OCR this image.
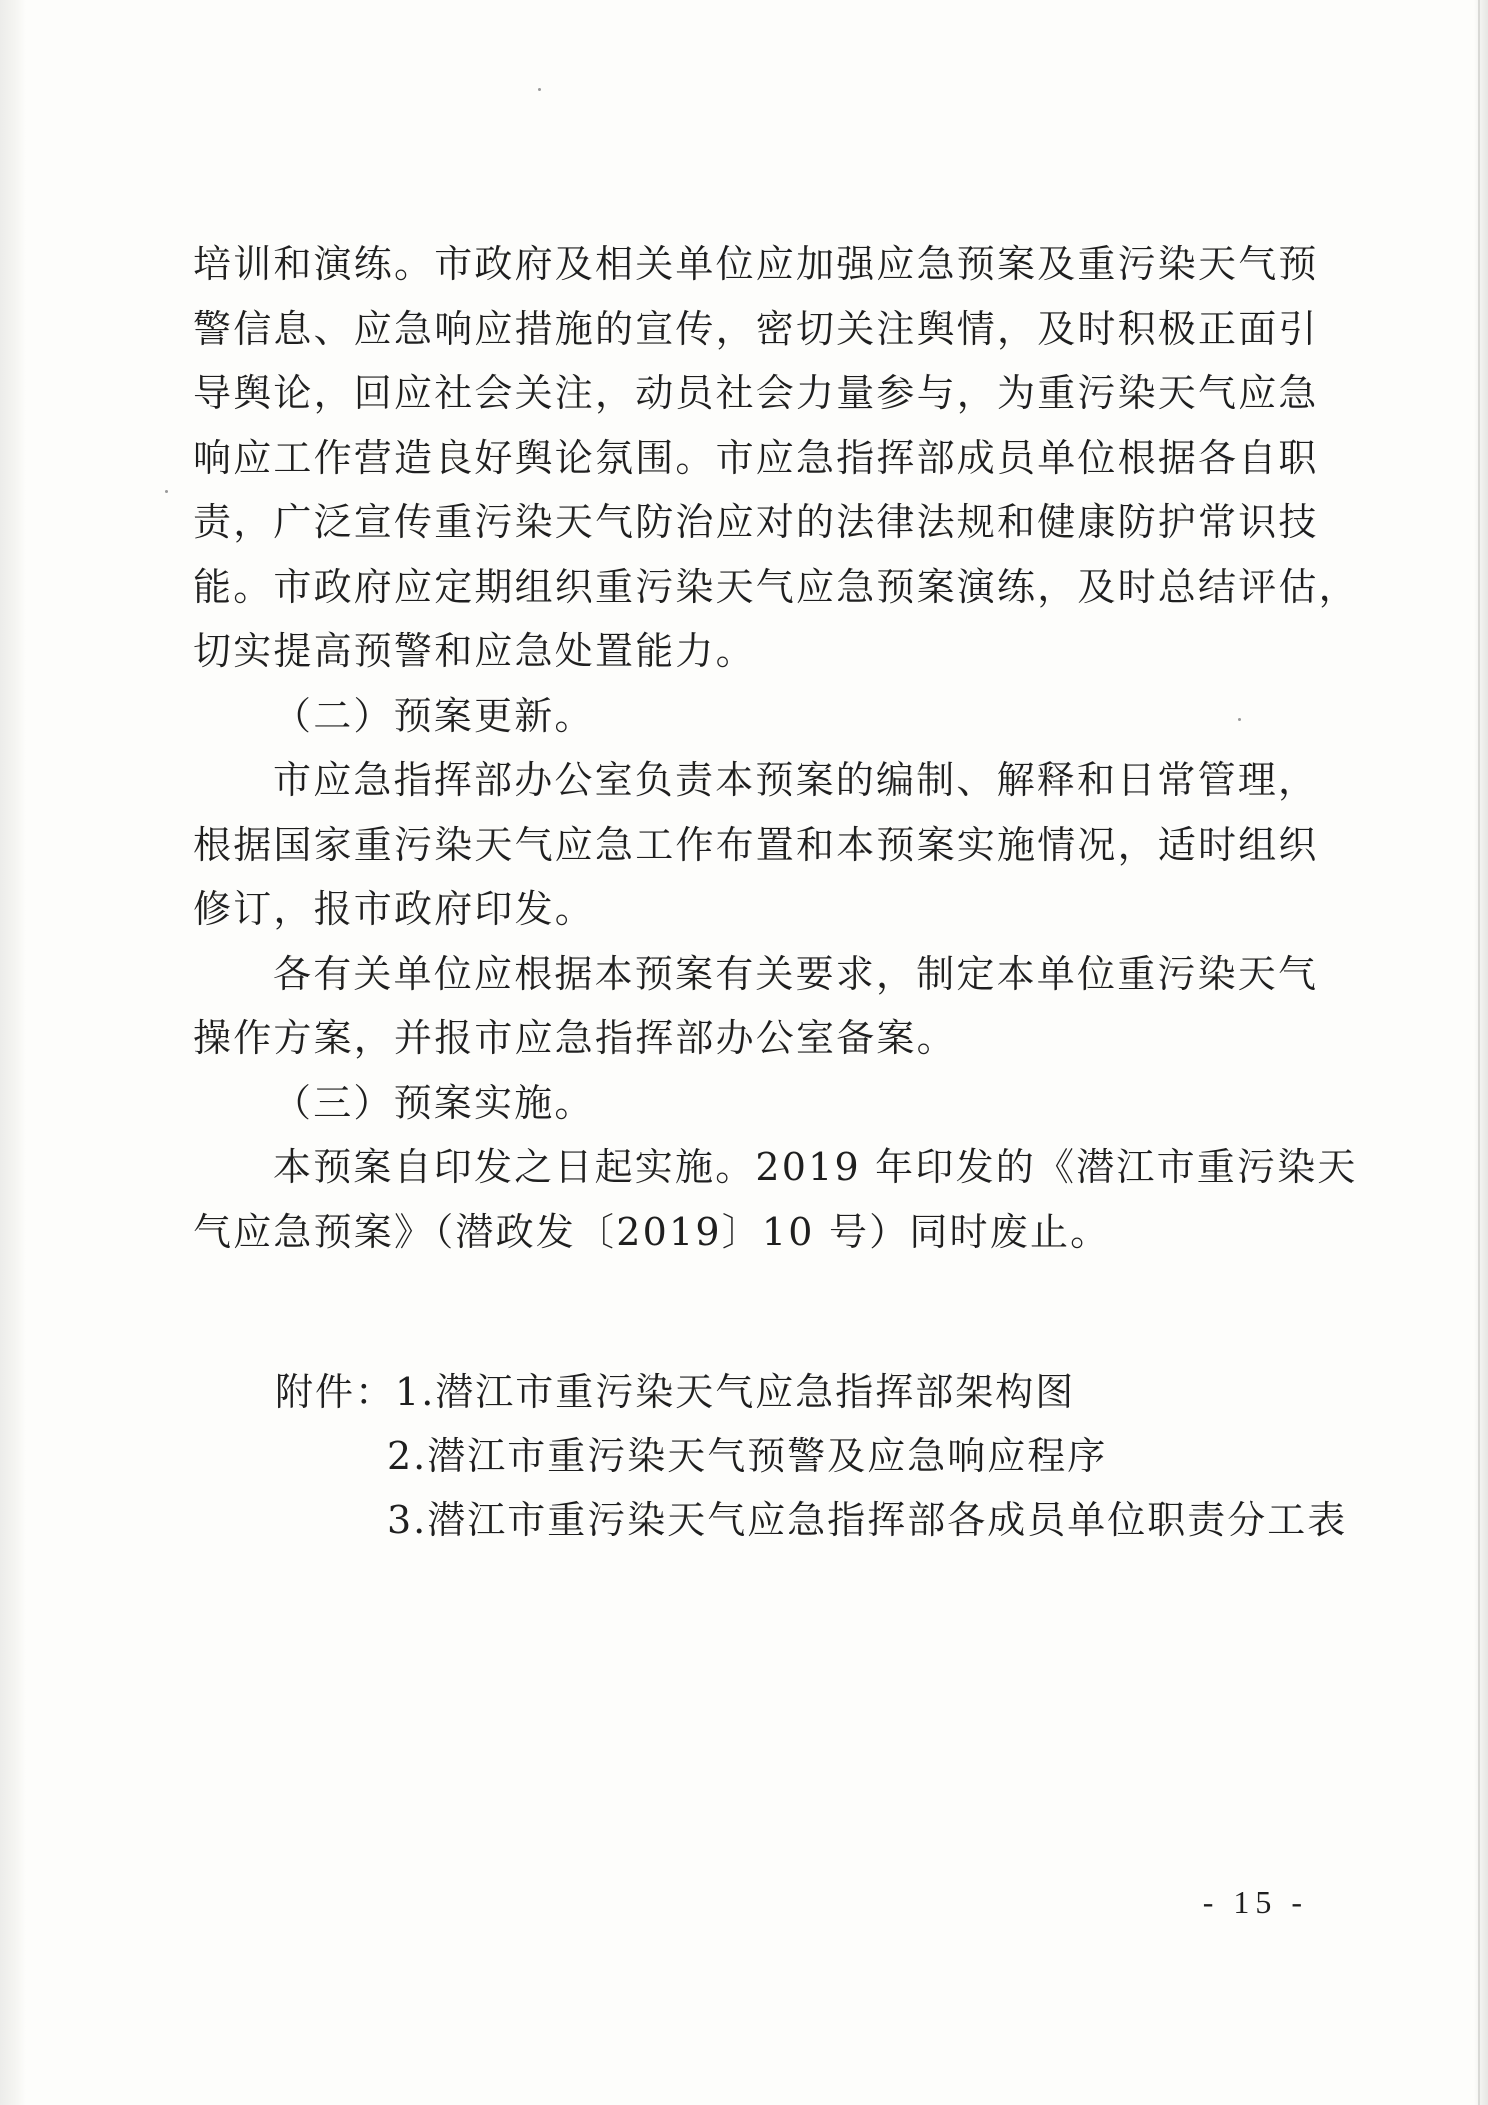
培训和演练。市政府及相关单位应加强应急预案及重污染天气预
警信息、应急响应措施的宣传，密切关注舆情，及时积极正面引
导舆论，回应社会关注，动员社会力量参与，为重污染天气应急
响应工作营造良好舆论氛围。市应急指挥部成员单位根据各自职
责，广泛宣传重污染天气防治应对的法律法规和健康防护常识技
能。市政府应定期组织重污染天气应急预案演练，及时总结评估，
切实提高预警和应急处置能力。
（二）预案更新。
市应急指挥部办公室负责本预案的编制、解释和日常管理，
根据国家重污染天气应急工作布置和本预案实施情况，适时组织
修订，报市政府印发。
各有关单位应根据本预案有关要求，制定本单位重污染天气
操作方案，并报市应急指挥部办公室备案。
（三）预案实施。
本预案自印发之日起实施。2019 年印发的《潜江市重污染天
气应急预案》（潜政发〔2019〕10 号）同时废止。
附件：1.潜江市重污染天气应急指挥部架构图
2.潜江市重污染天气预警及应急响应程序
3.潜江市重污染天气应急指挥部各成员单位职责分工表
- 15 -
